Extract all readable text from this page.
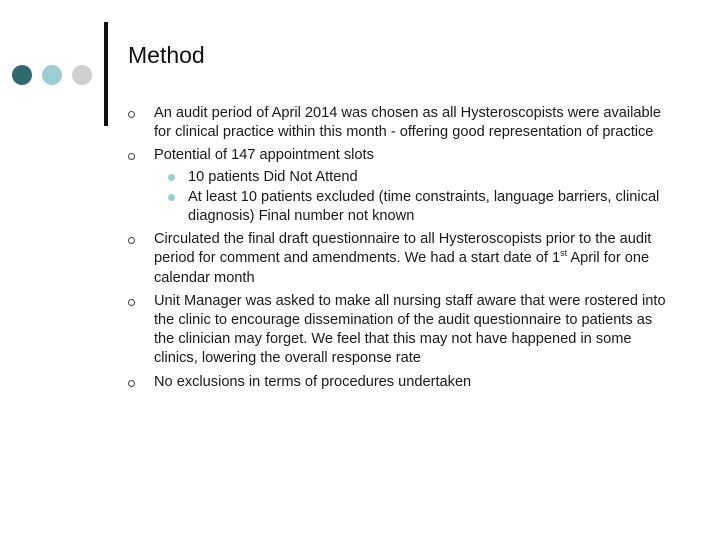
Method
An audit period of April 2014 was chosen as all Hysteroscopists were available for clinical practice within this month - offering good representation of practice
Potential of 147 appointment slots
10 patients Did Not Attend
At least 10 patients excluded (time constraints, language barriers, clinical diagnosis) Final number not known
Circulated the final draft questionnaire to all Hysteroscopists prior to the audit period for comment and amendments. We had a start date of 1st April for one calendar month
Unit Manager was asked to make all nursing staff aware that were rostered into the clinic to encourage dissemination of the audit questionnaire to patients as the clinician may forget. We feel that this may not have happened in some clinics, lowering the overall response rate
No exclusions in terms of procedures undertaken
